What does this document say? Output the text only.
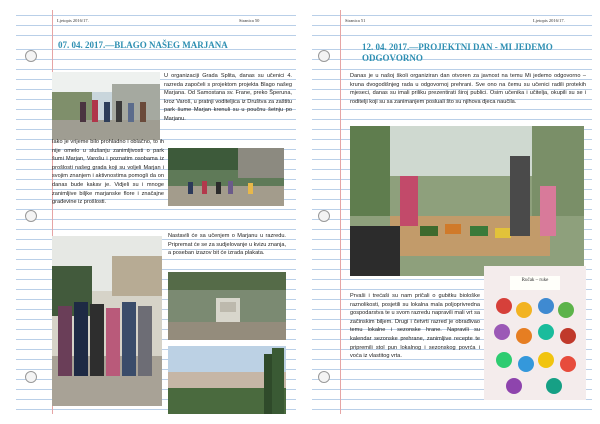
Ljetopis 2016/17.	Stranica 50
07. 04. 2017.—BLAGO NAŠEG MARJANA

U organizaciji Grada Splita, danas su učenici 4. razreda započeli s projektom projekta Blago našeg Marjana. Od Samostana sv. Frane, preko Šperuna, kroz Varoš, u pratnji voditeljica iz Društva za zaštitu park šume Marjan krenuli su u poučnu šetnju po Marjanu.

Iako je vrijeme bilo prohladno i oblačno, to ih nije omelo u slušanju zanimljivosti o park šumi Marjan, Varošu i poznatim osobama iz prošlosti našeg grada koji su voljeli Marjan i svojim znanjem i aktivnostima pomogli da on danas bude kakav je. Vidjeli su i mnoge zanimljive biljke marjanske flore i značajne građevine iz prošlosti.

Nastavili će sa učenjem o Marjanu u razredu. Pripremat će se za sudjelovanje u kvizu znanja, a poseban izazov bit će izrada plakata.

Stranica 51	Ljetopis 2016/17.
12. 04. 2017.—PROJEKTNI DAN - MI JEDEMO ODGOVORNO

Danas je u našoj školi organiziran dan otvoren za javnost na temu Mi jedemo odgovorno – kruna dvogodišnjeg rada u odgovornoj prehrani. Sve ono na čemu su učenici radili protekih mjeseci, danas su imali priliku prezentirati široj publici. Osim učenika i učitelja, okupili su se i roditelji koji su sa zanimanjem posluali što su njihova djeca naučila.

Ručak – ruke

Prvaši i trećaši su nam pričali o gubitku biološke raznolikosti, posjetili su lokalna mala poljoprivredna gospodarstva te u svom razredu napravili mali vrt sa začinskim biljem. Drugi i četvrti razred je obrađivao temu lokalne i sezonske hrane. Napravili su kalendar sezonske prehrane, zanimljive recepte te pripremili stol pun lokalnog i sezonskog povrća i voća iz vlastitog vrta.
